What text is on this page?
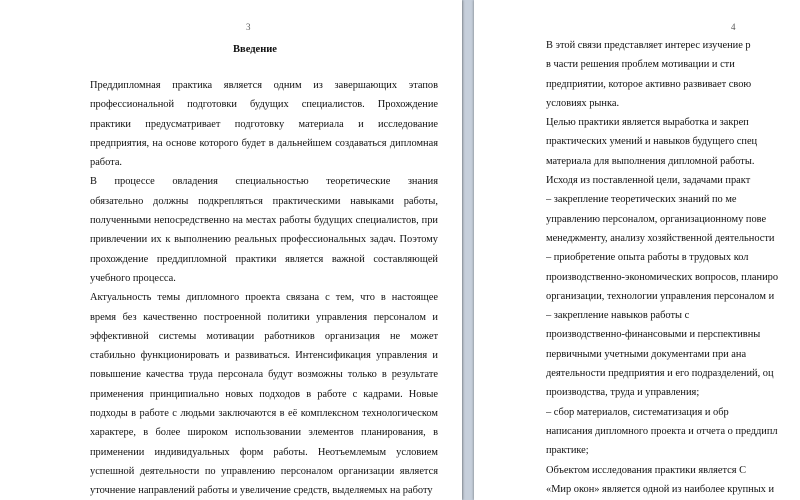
3
Введение
Преддипломная практика является одним из завершающих этапов
профессиональной подготовки будущих специалистов. Прохождение
практики предусматривает подготовку материала и исследование
предприятия, на основе которого будет в дальнейшем создаваться дипломная
работа.
В процессе овладения специальностью теоретические знания
обязательно должны подкрепляться практическими навыками работы,
полученными непосредственно на местах работы будущих специалистов, при
привлечении их к выполнению реальных профессиональных задач. Поэтому
прохождение преддипломной практики является важной составляющей
учебного процесса.
Актуальность темы дипломного проекта связана с тем, что в настоящее
время без качественно построенной политики управления персоналом и
эффективной системы мотивации работников организация не может
стабильно функционировать и развиваться. Интенсификация управления и
повышение качества труда персонала будут возможны только в результате
применения принципиально новых подходов в работе с кадрами. Новые
подходы в работе с людьми заключаются в её комплексном технологическом
характере, в более широком использовании элементов планирования, в
применении индивидуальных форм работы. Неотъемлемым условием
успешной деятельности по управлению персоналом организации является
уточнение направлений работы и увеличение средств, выделяемых на работу
4
В этой связи представляет интерес изучение р
в части решения проблем мотивации и сти
предприятии, которое активно развивает свою
условиях рынка.
Целью практики является выработка и закреп
практических умений и навыков будущего спец
материала для выполнения дипломной работы.
Исходя из поставленной цели, задачами практ
– закрепление теоретических знаний по ме
управлению персоналом, организационному пове
менеджменту, анализу хозяйственной деятельности
– приобретение опыта работы в трудовых кол
производственно-экономических вопросов, планиро
организации, технологии управления персоналом и
– закрепление навыков работы с
производственно-финансовыми и перспективны
первичными учетными документами при ана
деятельности предприятия и его подразделений, оц
производства, труда и управления;
– сбор материалов, систематизация и обр
написания дипломного проекта и отчета о преддипл
практике;
Объектом исследования практики является С
«Мир окон» является одной из наиболее крупных и
